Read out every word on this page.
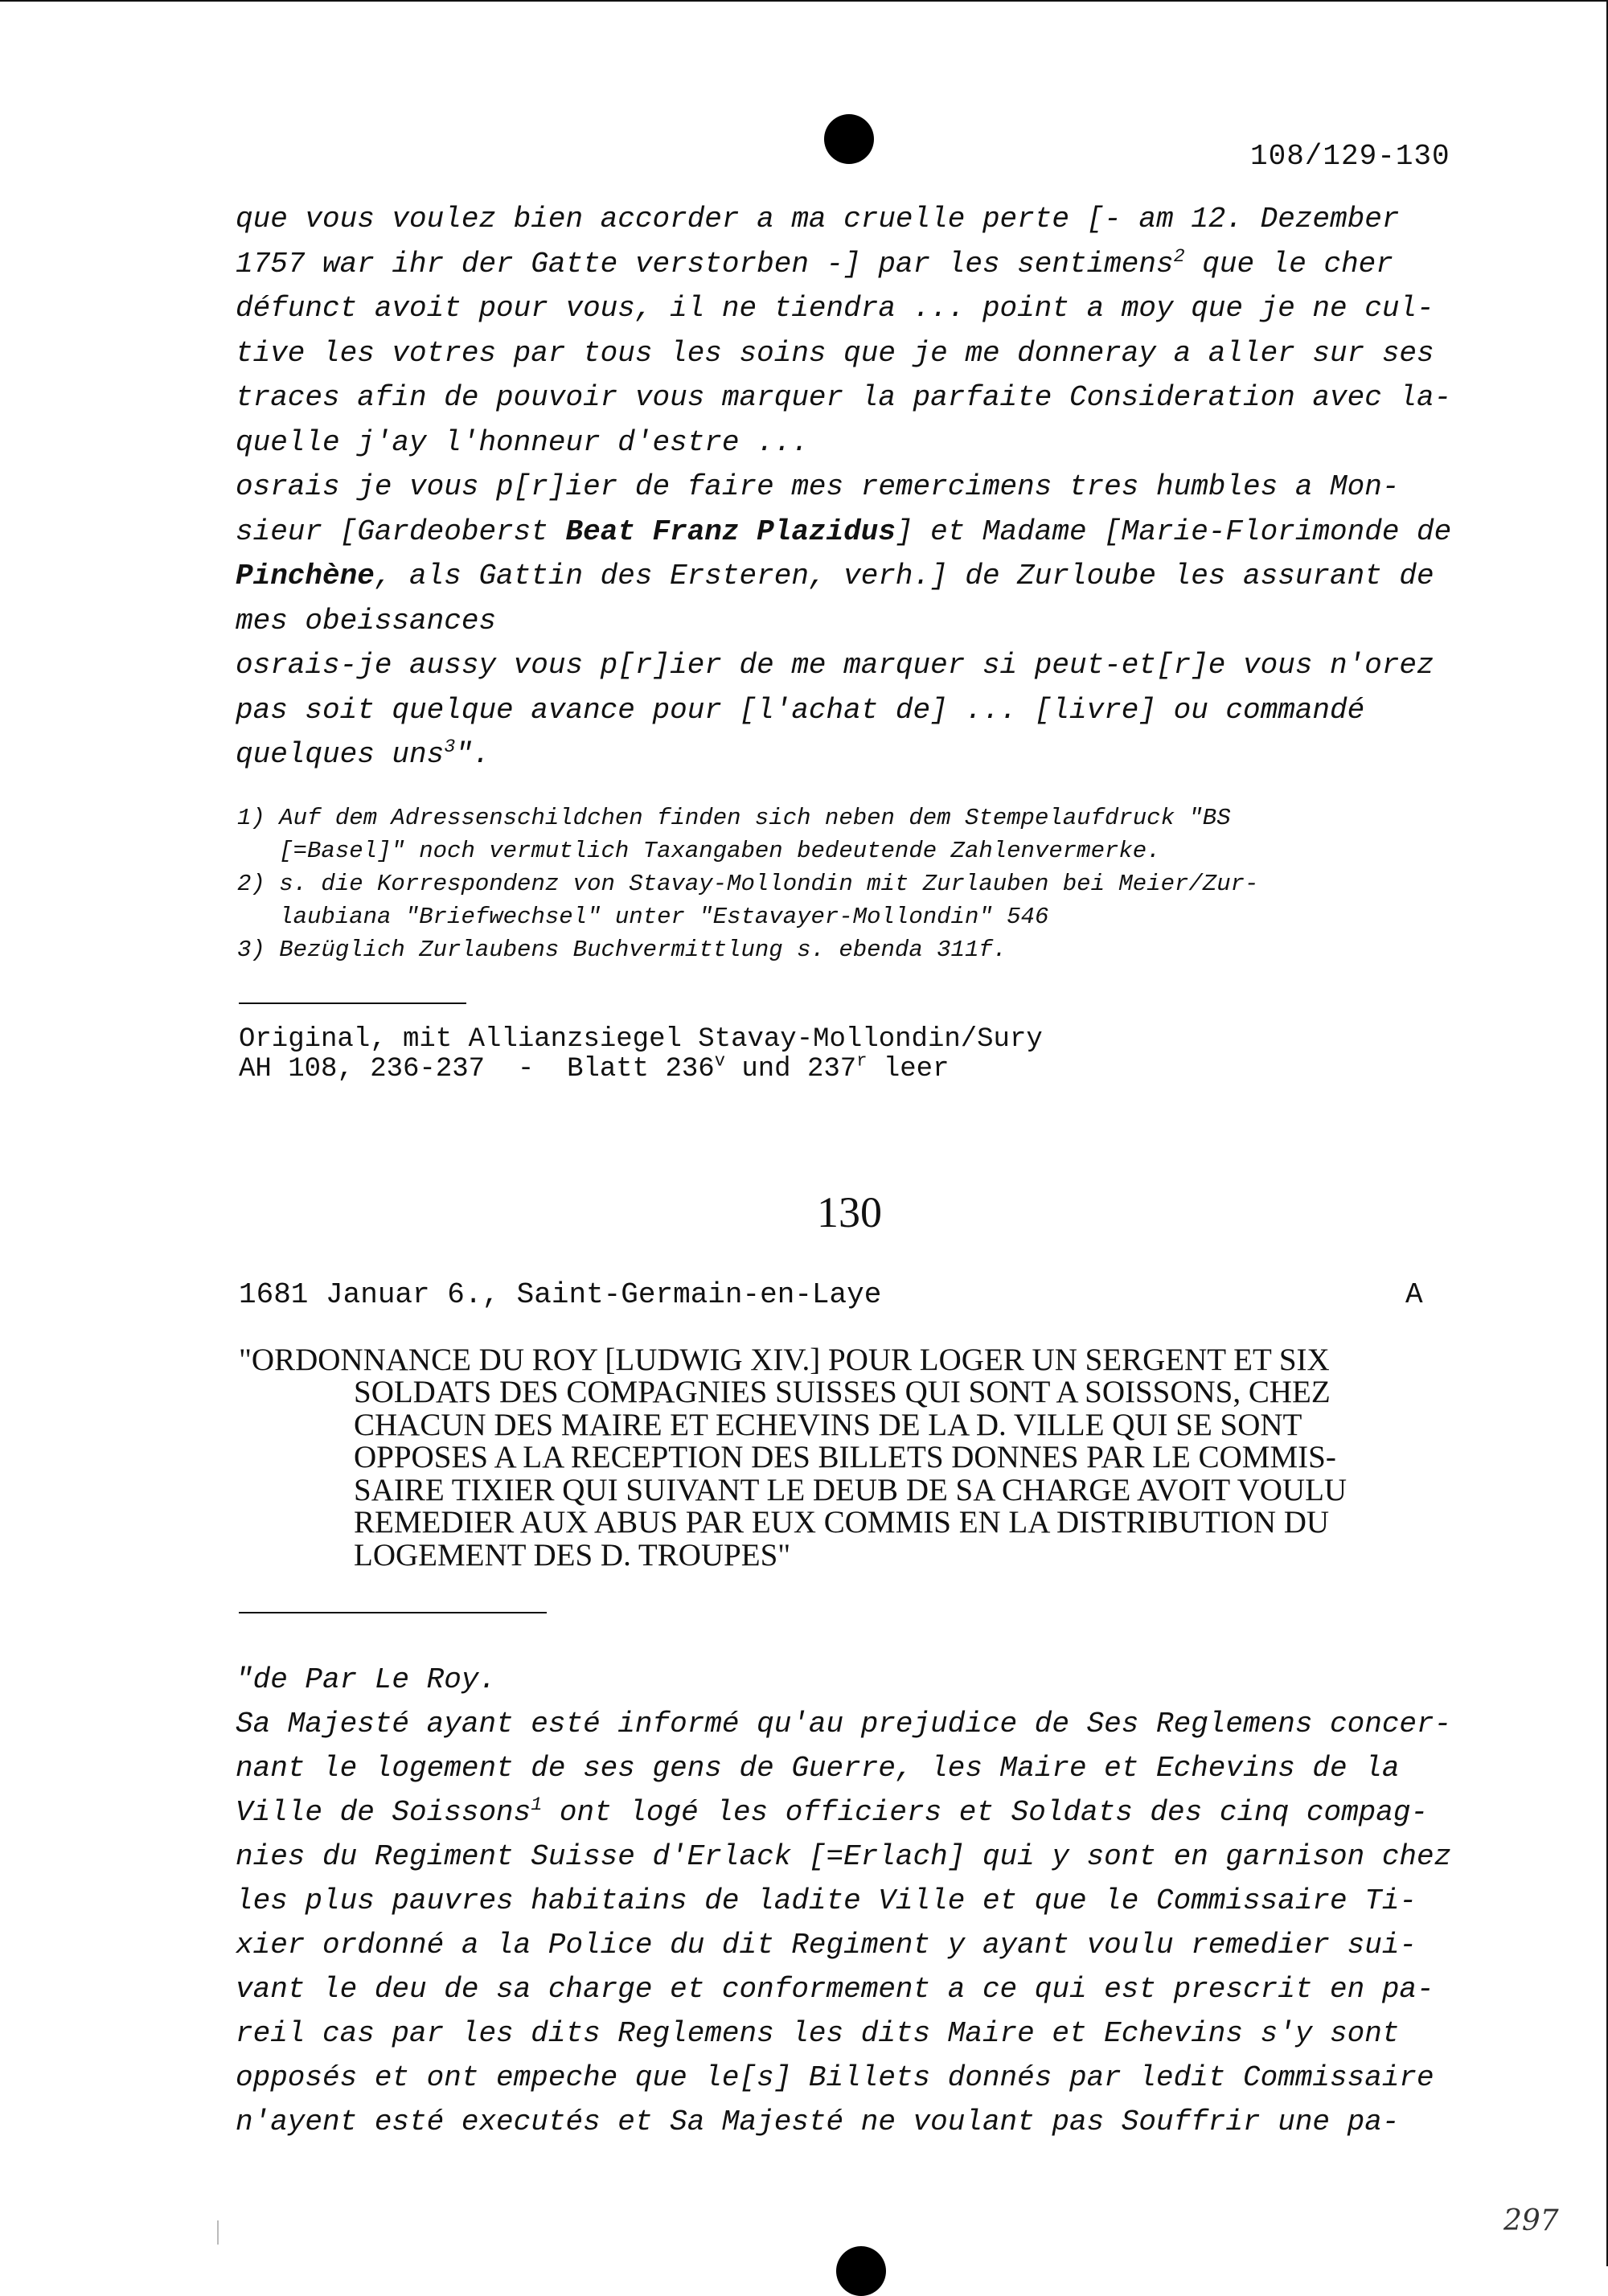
108/129-130
que vous voulez bien accorder a ma cruelle perte [- am 12. Dezember
1757 war ihr der Gatte verstorben -] par les sentimens$^2$ que le cher
défunct avoit pour vous, il ne tiendra ... point a moy que je ne cul-
tive les votres par tous les soins que je me donneray a aller sur ses
traces afin de pouvoir vous marquer la parfaite Consideration avec la-
quelle j'ay l'honneur d'estre ...
osrais je vous p[r]ier de faire mes remercimens tres humbles a Mon-
sieur [Gardeoberst Beat Franz Plazidus] et Madame [Marie-Florimonde de
Pinchène, als Gattin des Ersteren, verh.] de Zurloube les assurant de
mes obeissances
osrais-je aussy vous p[r]ier de me marquer si peut-et[r]e vous n'orez
pas soit quelque avance pour [l'achat de] ... [livre] ou commandé
quelques uns$^3$".
1) Auf dem Adressenschildchen finden sich neben dem Stempelaufdruck "BS
[=Basel]" noch vermutlich Taxangaben bedeutende Zahlenvermerke.
2) s. die Korrespondenz von Stavay-Mollondin mit Zurlauben bei Meier/Zur-
laubiana "Briefwechsel" unter "Estavayer-Mollondin" 546
3) Bezüglich Zurlaubens Buchvermittlung s. ebenda 311f.
Original, mit Allianzsiegel Stavay-Mollondin/Sury
AH 108, 236-237  -  Blatt 236$^v$ und 237$^r$ leer
130
1681 Januar 6., Saint-Germain-en-Laye	A
"ORDONNANCE DU ROY [LUDWIG XIV.] POUR LOGER UN SERGENT ET SIX
SOLDATS DES COMPAGNIES SUISSES QUI SONT A SOISSONS, CHEZ
CHACUN DES MAIRE ET ECHEVINS DE LA D. VILLE QUI SE SONT
OPPOSES A LA RECEPTION DES BILLETS DONNES PAR LE COMMIS-
SAIRE TIXIER QUI SUIVANT LE DEUB DE SA CHARGE AVOIT VOULU
REMEDIER AUX ABUS PAR EUX COMMIS EN LA DISTRIBUTION DU
LOGEMENT DES D. TROUPES"
"de Par Le Roy.
Sa Majesté ayant esté informé qu'au prejudice de Ses Reglemens concer-
nant le logement de ses gens de Guerre, les Maire et Echevins de la
Ville de Soissons$^1$ ont logé les officiers et Soldats des cinq compag-
nies du Regiment Suisse d'Erlack [=Erlach] qui y sont en garnison chez
les plus pauvres habitains de ladite Ville et que le Commissaire Ti-
xier ordonné a la Police du dit Regiment y ayant voulu remedier sui-
vant le deu de sa charge et conformement a ce qui est prescrit en pa-
reil cas par les dits Reglemens les dits Maire et Echevins s'y sont
opposés et ont empeche que le[s] Billets donnés par ledit Commissaire
n'ayent esté executés et Sa Majesté ne voulant pas Souffrir une pa-
297
